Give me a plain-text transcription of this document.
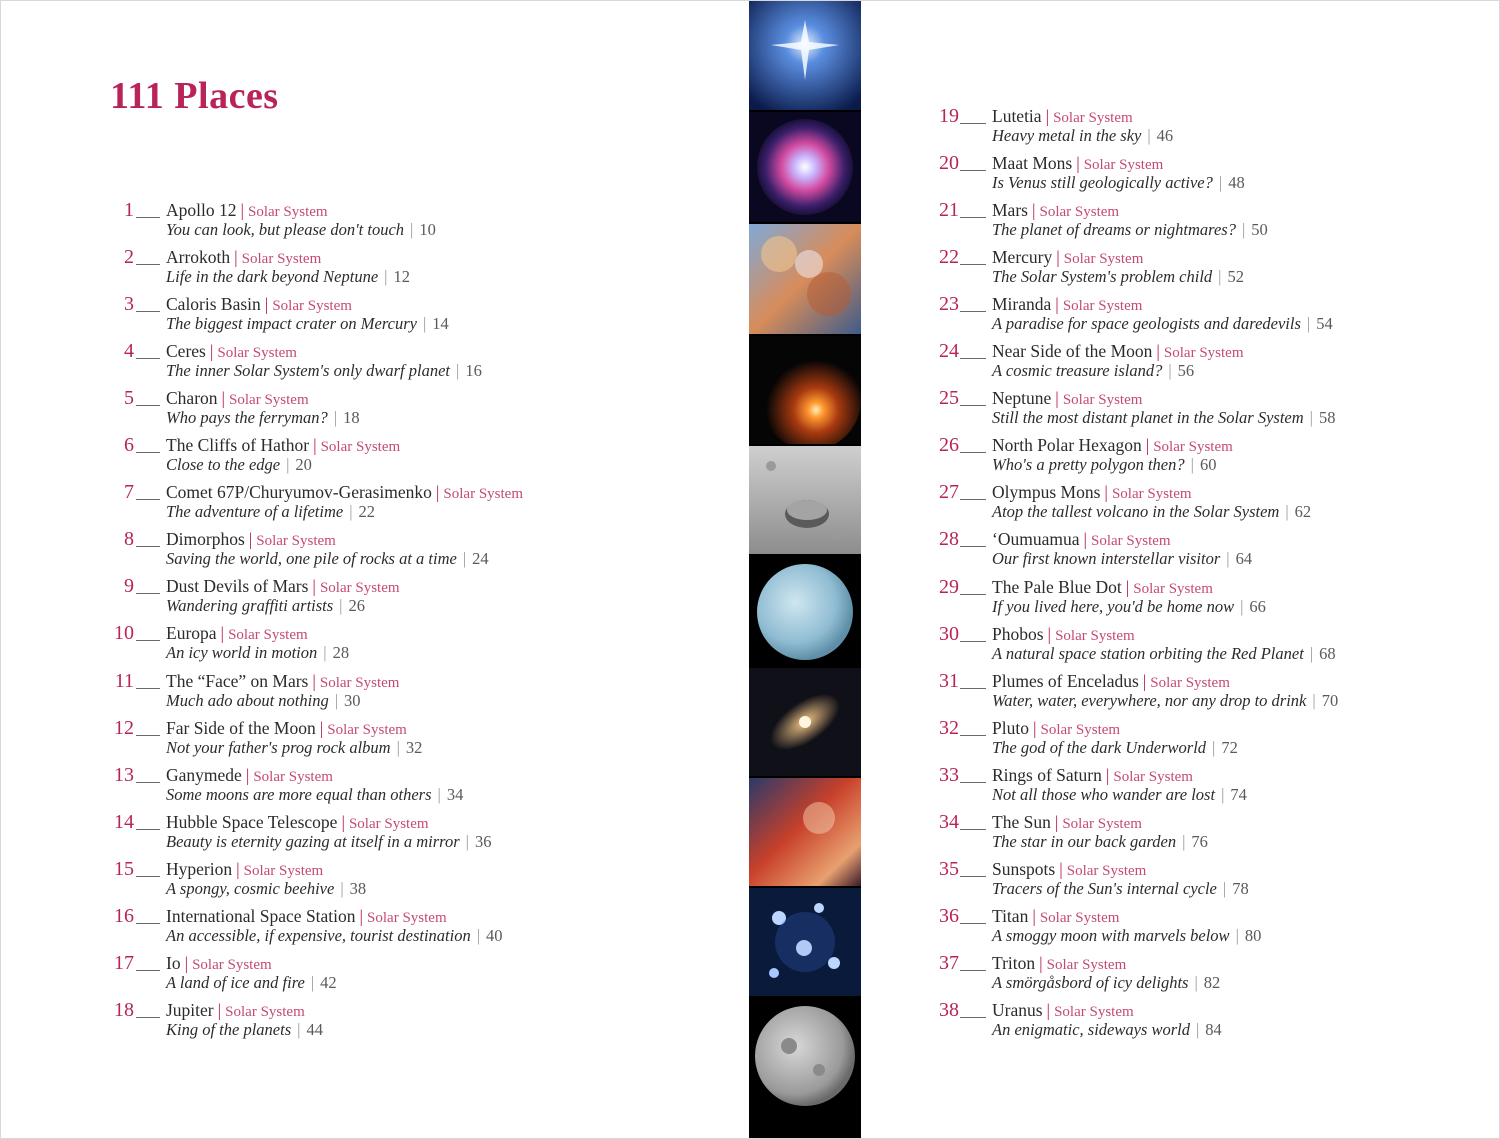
111 Places
1 Apollo 12 | Solar System
You can look, but please don't touch | 10
2 Arrokoth | Solar System
Life in the dark beyond Neptune | 12
3 Caloris Basin | Solar System
The biggest impact crater on Mercury | 14
4 Ceres | Solar System
The inner Solar System's only dwarf planet | 16
5 Charon | Solar System
Who pays the ferryman? | 18
6 The Cliffs of Hathor | Solar System
Close to the edge | 20
7 Comet 67P/Churyumov-Gerasimenko | Solar System
The adventure of a lifetime | 22
8 Dimorphos | Solar System
Saving the world, one pile of rocks at a time | 24
9 Dust Devils of Mars | Solar System
Wandering graffiti artists | 26
10 Europa | Solar System
An icy world in motion | 28
11 The “Face” on Mars | Solar System
Much ado about nothing | 30
12 Far Side of the Moon | Solar System
Not your father's prog rock album | 32
13 Ganymede | Solar System
Some moons are more equal than others | 34
14 Hubble Space Telescope | Solar System
Beauty is eternity gazing at itself in a mirror | 36
15 Hyperion | Solar System
A spongy, cosmic beehive | 38
16 International Space Station | Solar System
An accessible, if expensive, tourist destination | 40
17 Io | Solar System
A land of ice and fire | 42
18 Jupiter | Solar System
King of the planets | 44
19 Lutetia | Solar System
Heavy metal in the sky | 46
20 Maat Mons | Solar System
Is Venus still geologically active? | 48
21 Mars | Solar System
The planet of dreams or nightmares? | 50
22 Mercury | Solar System
The Solar System's problem child | 52
23 Miranda | Solar System
A paradise for space geologists and daredevils | 54
24 Near Side of the Moon | Solar System
A cosmic treasure island? | 56
25 Neptune | Solar System
Still the most distant planet in the Solar System | 58
26 North Polar Hexagon | Solar System
Who's a pretty polygon then? | 60
27 Olympus Mons | Solar System
Atop the tallest volcano in the Solar System | 62
28 ‘Oumuamua | Solar System
Our first known interstellar visitor | 64
29 The Pale Blue Dot | Solar System
If you lived here, you'd be home now | 66
30 Phobos | Solar System
A natural space station orbiting the Red Planet | 68
31 Plumes of Enceladus | Solar System
Water, water, everywhere, nor any drop to drink | 70
32 Pluto | Solar System
The god of the dark Underworld | 72
33 Rings of Saturn | Solar System
Not all those who wander are lost | 74
34 The Sun | Solar System
The star in our back garden | 76
35 Sunspots | Solar System
Tracers of the Sun's internal cycle | 78
36 Titan | Solar System
A smoggy moon with marvels below | 80
37 Triton | Solar System
A smörgåsbord of icy delights | 82
38 Uranus | Solar System
An enigmatic, sideways world | 84
